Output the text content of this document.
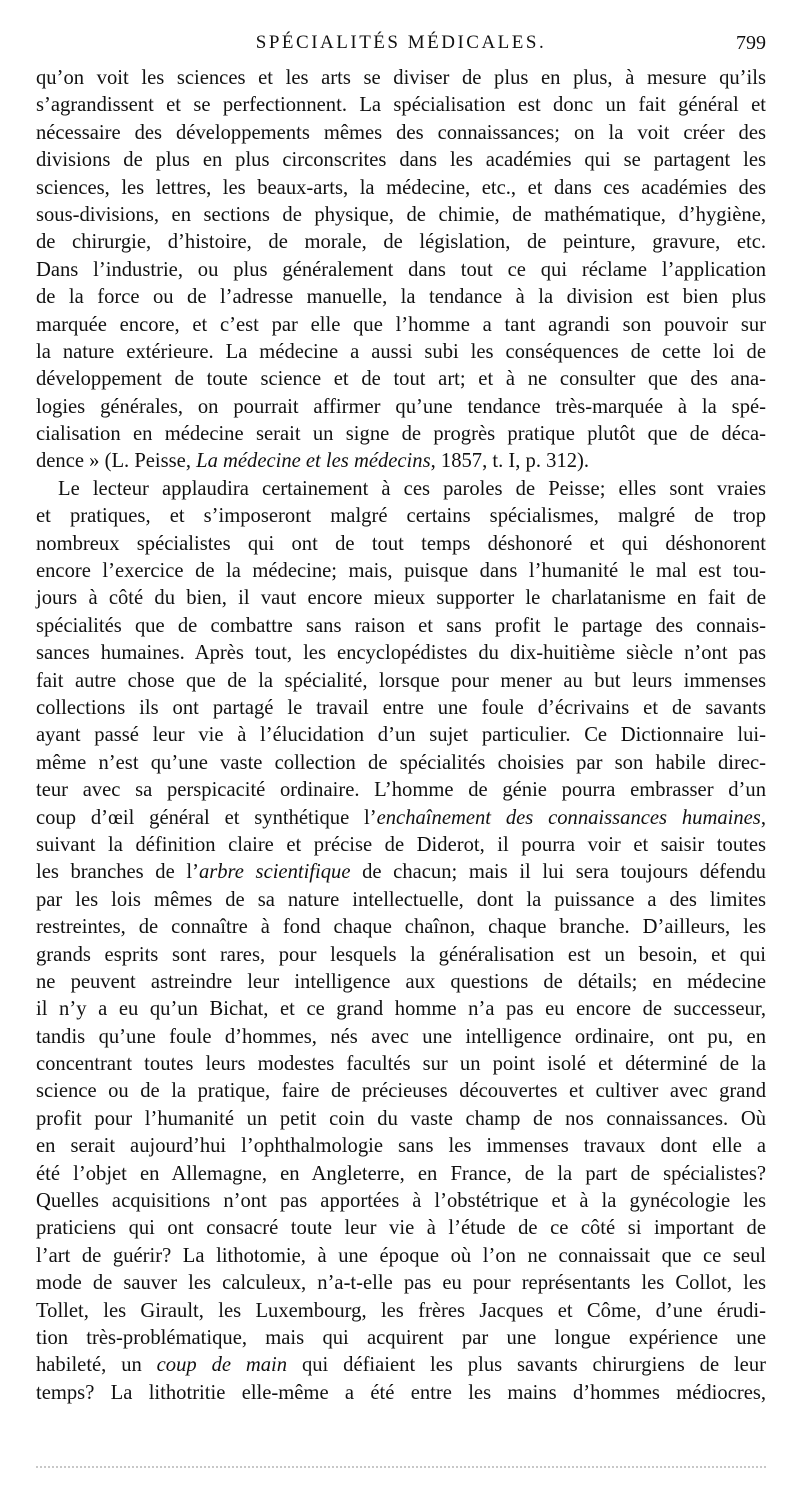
SPÉCIALITÉS MÉDICALES.	799
qu’on voit les sciences et les arts se diviser de plus en plus, à mesure qu’ils
s’agrandissent et se perfectionnent. La spécialisation est donc un fait général et
nécessaire des développements mêmes des connaissances; on la voit créer des
divisions de plus en plus circonscrites dans les académies qui se partagent les
sciences, les lettres, les beaux-arts, la médecine, etc., et dans ces académies des
sous-divisions, en sections de physique, de chimie, de mathématique, d’hygiène,
de chirurgie, d’histoire, de morale, de législation, de peinture, gravure, etc.
Dans l’industrie, ou plus généralement dans tout ce qui réclame l’application
de la force ou de l’adresse manuelle, la tendance à la division est bien plus
marquée encore, et c’est par elle que l’homme a tant agrandi son pouvoir sur
la nature extérieure. La médecine a aussi subi les conséquences de cette loi de
développement de toute science et de tout art; et à ne consulter que des ana-
logies générales, on pourrait affirmer qu’une tendance très-marquée à la spé-
cialisation en médecine serait un signe de progrès pratique plutôt que de déca-
dence » (L. Peisse, La médecine et les médecins, 1857, t. I, p. 312).
Le lecteur applaudira certainement à ces paroles de Peisse; elles sont vraies
et pratiques, et s’imposeront malgré certains spécialismes, malgré de trop
nombreux spécialistes qui ont de tout temps déshonoré et qui déshonorent
encore l’exercice de la médecine; mais, puisque dans l’humanité le mal est tou-
jours à côté du bien, il vaut encore mieux supporter le charlatanisme en fait de
spécialités que de combattre sans raison et sans profit le partage des connais-
sances humaines. Après tout, les encyclopédistes du dix-huitième siècle n’ont pas
fait autre chose que de la spécialité, lorsque pour mener au but leurs immenses
collections ils ont partagé le travail entre une foule d’écrivains et de savants
ayant passé leur vie à l’élucidation d’un sujet particulier. Ce Dictionnaire lui-
même n’est qu’une vaste collection de spécialités choisies par son habile direc-
teur avec sa perspicacité ordinaire. L’homme de génie pourra embrasser d’un
coup d’œil général et synthétique l’enchaînement des connaissances humaines,
suivant la définition claire et précise de Diderot, il pourra voir et saisir toutes
les branches de l’arbre scientifique de chacun; mais il lui sera toujours défendu
par les lois mêmes de sa nature intellectuelle, dont la puissance a des limites
restreintes, de connaître à fond chaque chaînon, chaque branche. D’ailleurs, les
grands esprits sont rares, pour lesquels la généralisation est un besoin, et qui
ne peuvent astreindre leur intelligence aux questions de détails; en médecine
il n’y a eu qu’un Bichat, et ce grand homme n’a pas eu encore de successeur,
tandis qu’une foule d’hommes, nés avec une intelligence ordinaire, ont pu, en
concentrant toutes leurs modestes facultés sur un point isolé et déterminé de la
science ou de la pratique, faire de précieuses découvertes et cultiver avec grand
profit pour l’humanité un petit coin du vaste champ de nos connaissances. Où
en serait aujourd’hui l’ophthalmologie sans les immenses travaux dont elle a
été l’objet en Allemagne, en Angleterre, en France, de la part de spécialistes?
Quelles acquisitions n’ont pas apportées à l’obstétrique et à la gynécologie les
praticiens qui ont consacré toute leur vie à l’étude de ce côté si important de
l’art de guérir? La lithotomie, à une époque où l’on ne connaissait que ce seul
mode de sauver les calculeux, n’a-t-elle pas eu pour représentants les Collot, les
Tollet, les Girault, les Luxembourg, les frères Jacques et Côme, d’une érudi-
tion très-problématique, mais qui acquirent par une longue expérience une
habileté, un coup de main qui défiaient les plus savants chirurgiens de leur
temps? La lithotritie elle-même a été entre les mains d’hommes médiocres,
